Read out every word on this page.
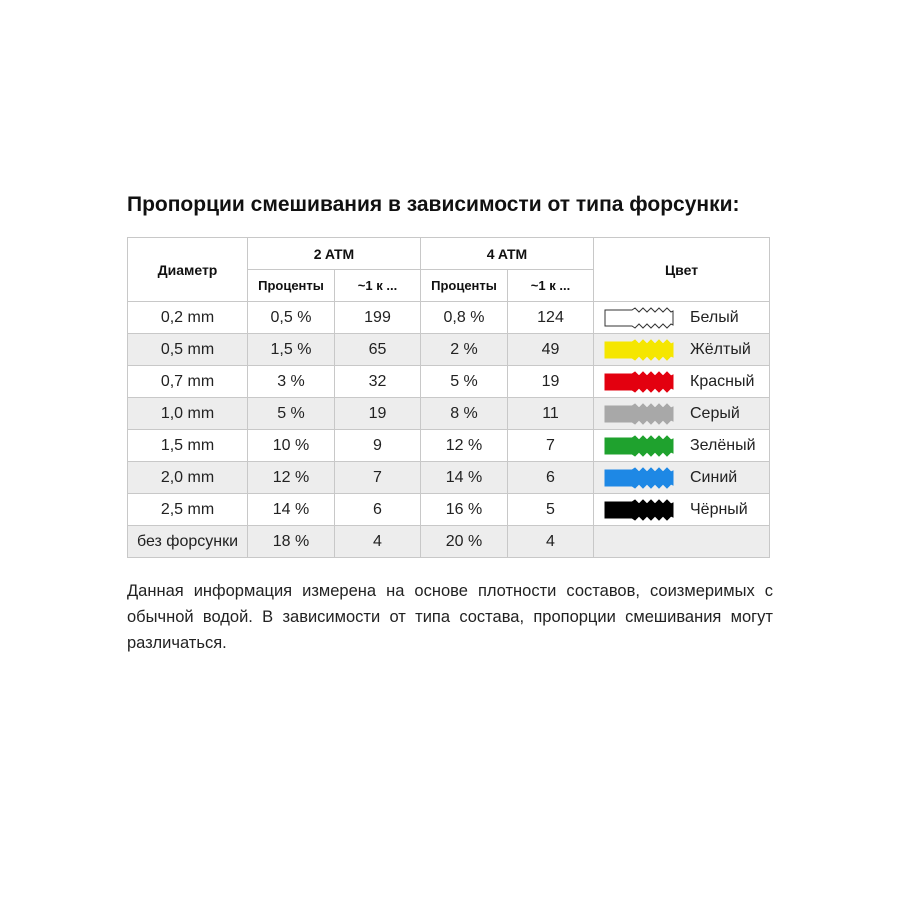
Пропорции смешивания в зависимости от типа форсунки:
Диаметр	2 ATM		4 ATM		Цвет
	Проценты	~1 к ...	Проценты	~1 к ...	
0,2 mm	0,5 %	199	0,8 %	124	Белый

0,5 mm	1,5 %	65	2 %	49	Жёлтый

0,7 mm	3 %	32	5 %	19	Красный

1,0 mm	5 %	19	8 %	11	Серый

1,5 mm	10 %	9	12 %	7	Зелёный

2,0 mm	12 %	7	14 %	6	Синий

2,5 mm	14 %	6	16 %	5	Чёрный

без форсунки	18 %	4	20 %	4	
Данная информация измерена на основе плотности составов, соизмеримых с обычной водой. В зависимости от типа состава, пропорции смешивания могут различаться.
